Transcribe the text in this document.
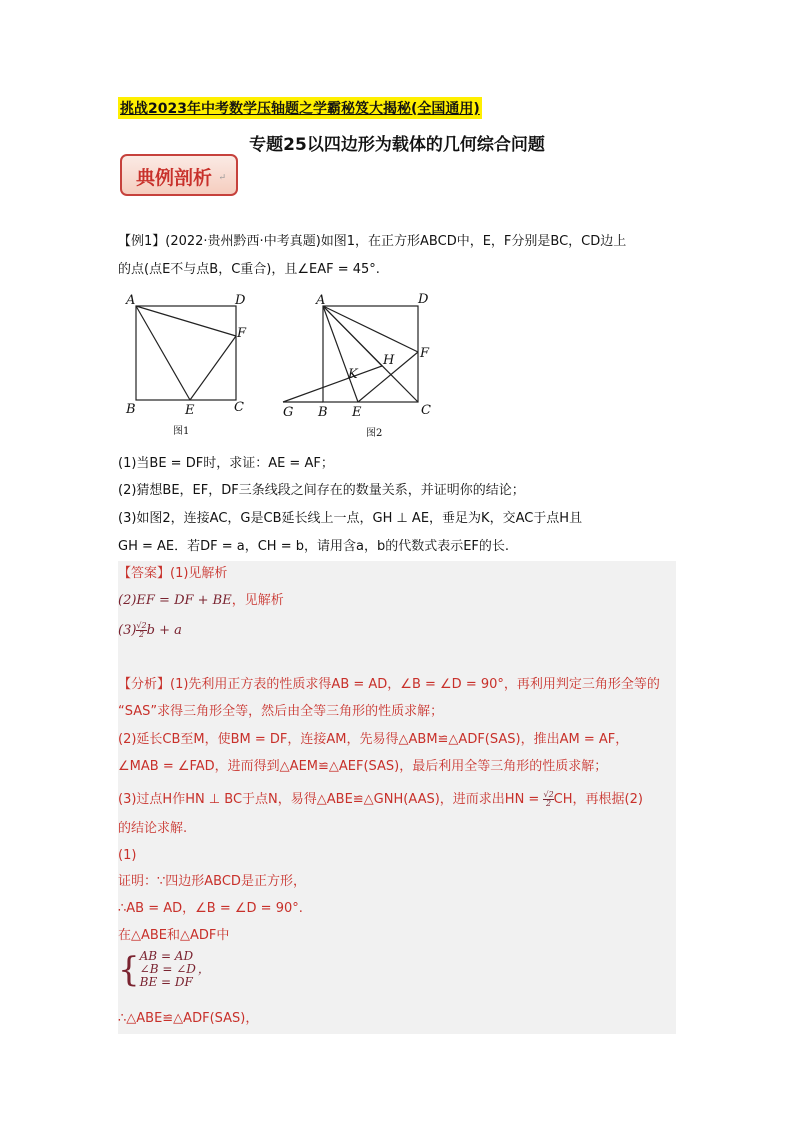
挑战2023年中考数学压轴题之学霸秘笈大揭秘(全国通用)
专题25以四边形为载体的几何综合问题
典例剖析 ↵
【例1】(2022·贵州黔西·中考真题)如图1，在正方形ABCD中，E，F分别是BC，CD边上
的点(点E不与点B，C重合)，且∠EAF = 45°.
A	D
F
B	E	C
图1
A	D
F
H
K
G B E	C
图2
(1)当BE = DF时，求证：AE = AF；
(2)猜想BE，EF，DF三条线段之间存在的数量关系，并证明你的结论；
(3)如图2，连接AC，G是CB延长线上一点，GH ⊥ AE，垂足为K，交AC于点H且
GH = AE．若DF = a，CH = b，请用含a，b的代数式表示EF的长.
【答案】(1)见解析
(2)EF = DF + BE，见解析
$(3) \frac{√2}{2}$ b + a
【分析】(1)先利用正方表的性质求得AB = AD，∠B = ∠D = 90°，再利用判定三角形全等的
“SAS”求得三角形全等，然后由全等三角形的性质求解；
(2)延长CB至M，使BM = DF，连接AM，先易得△ABM≌△ADF(SAS)，推出AM = AF，
∠MAB = ∠FAD，进而得到△AEM≌△AEF(SAS)，最后利用全等三角形的性质求解；
(3)过点H作HN ⊥ BC于点N，易得△ABE≌△GNH(AAS)，进而求出HN = $\frac{√2}{2}$ CH，再根据(2)
的结论求解.
(1)
证明：∵四边形ABCD是正方形，
∴AB = AD，∠B = ∠D = 90°.
在△ABE和△ADF中
{ AB = AD
∠B = ∠D
BE = DF
，
∴△ABE≌△ADF(SAS)，
